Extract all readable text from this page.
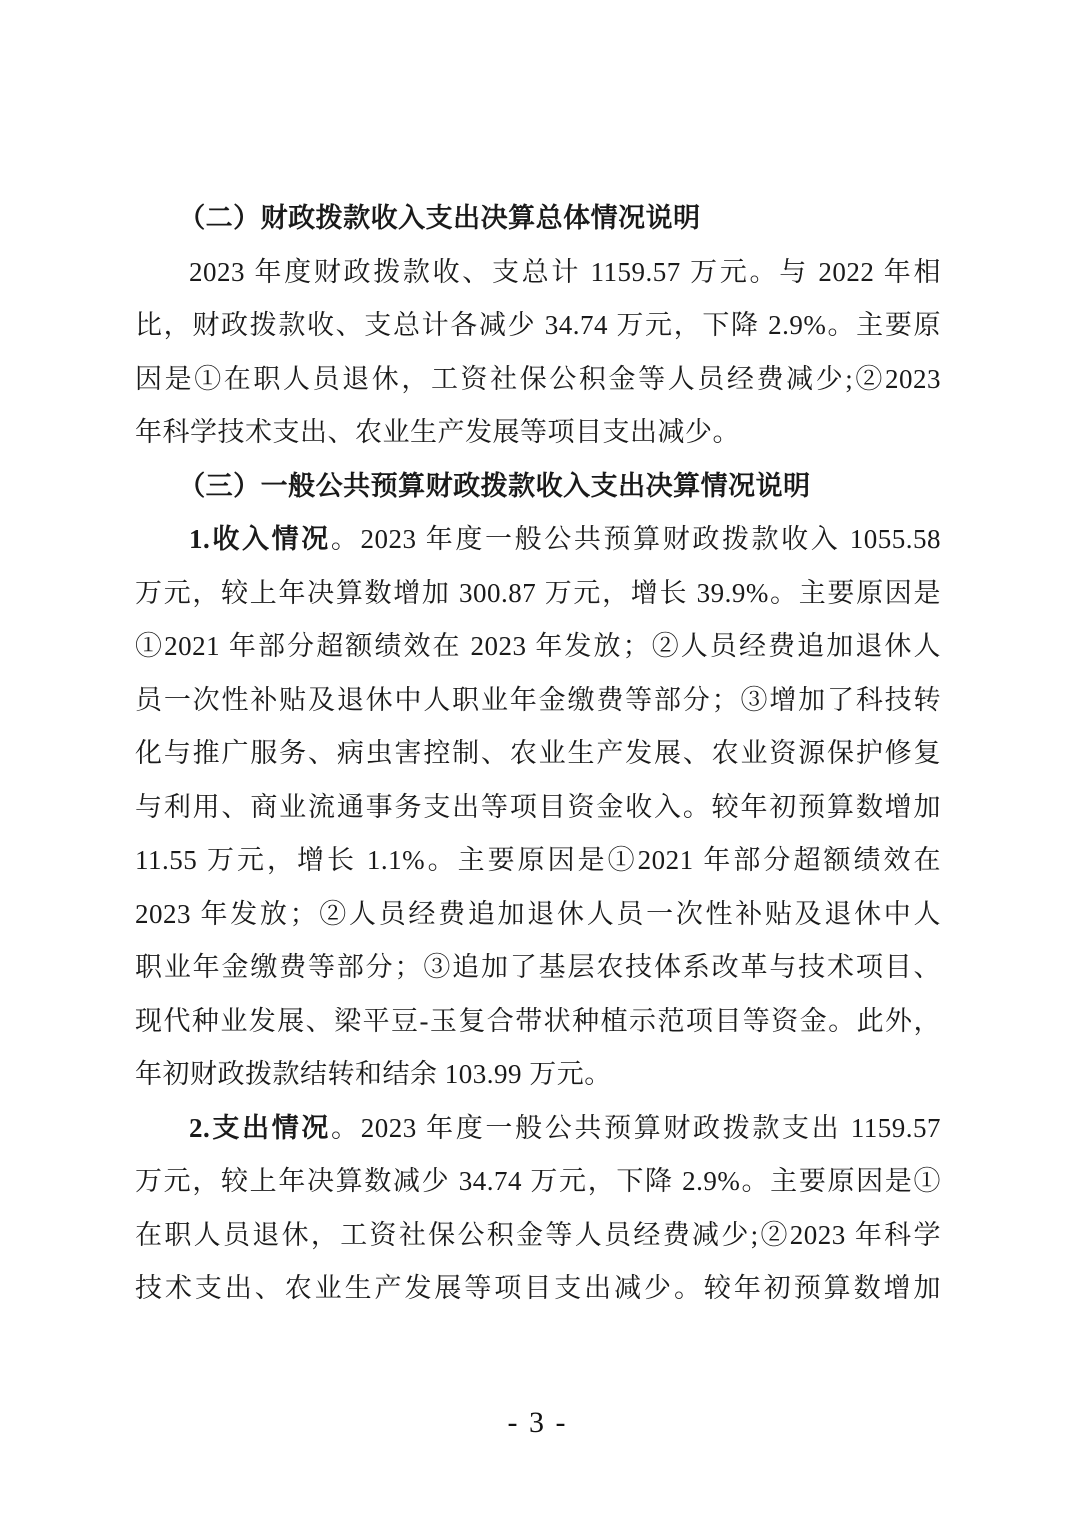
（二）财政拨款收入支出决算总体情况说明
2023 年度财政拨款收、支总计 1159.57 万元。与 2022 年相
比，财政拨款收、支总计各减少 34.74 万元，下降 2.9%。主要原
因是①在职人员退休，工资社保公积金等人员经费减少;②2023
年科学技术支出、农业生产发展等项目支出减少。
（三）一般公共预算财政拨款收入支出决算情况说明
1.收入情况。2023 年度一般公共预算财政拨款收入 1055.58
万元，较上年决算数增加 300.87 万元，增长 39.9%。主要原因是
①2021 年部分超额绩效在 2023 年发放；②人员经费追加退休人
员一次性补贴及退休中人职业年金缴费等部分；③增加了科技转
化与推广服务、病虫害控制、农业生产发展、农业资源保护修复
与利用、商业流通事务支出等项目资金收入。较年初预算数增加
11.55 万元，增长 1.1%。主要原因是①2021 年部分超额绩效在
2023 年发放；②人员经费追加退休人员一次性补贴及退休中人
职业年金缴费等部分；③追加了基层农技体系改革与技术项目、
现代种业发展、梁平豆-玉复合带状种植示范项目等资金。此外，
年初财政拨款结转和结余 103.99 万元。
2.支出情况。2023 年度一般公共预算财政拨款支出 1159.57
万元，较上年决算数减少 34.74 万元，下降 2.9%。主要原因是①
在职人员退休，工资社保公积金等人员经费减少;②2023 年科学
技术支出、农业生产发展等项目支出减少。较年初预算数增加
- 3 -
